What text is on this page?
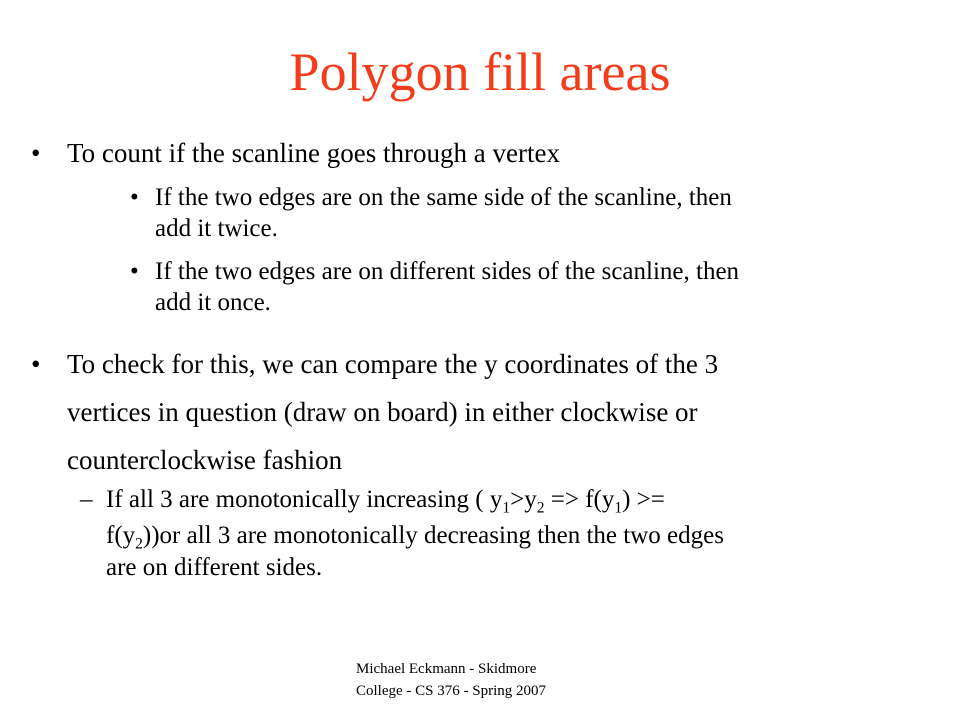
Polygon fill areas
• To count if the scanline goes through a vertex
• If the two edges are on the same side of the scanline, then
add it twice.
• If the two edges are on different sides of the scanline, then
add it once.
• To check for this, we can compare the y coordinates of the 3
vertices in question (draw on board) in either clockwise or
counterclockwise fashion
– If all 3 are monotonically increasing ( $y_1>y_2 => f(y_1)$ >=
$f(y_2))or$ all 3 are monotonically decreasing then the two edges
are on different sides.
Michael Eckmann - Skidmore
College - CS 376 - Spring 2007
